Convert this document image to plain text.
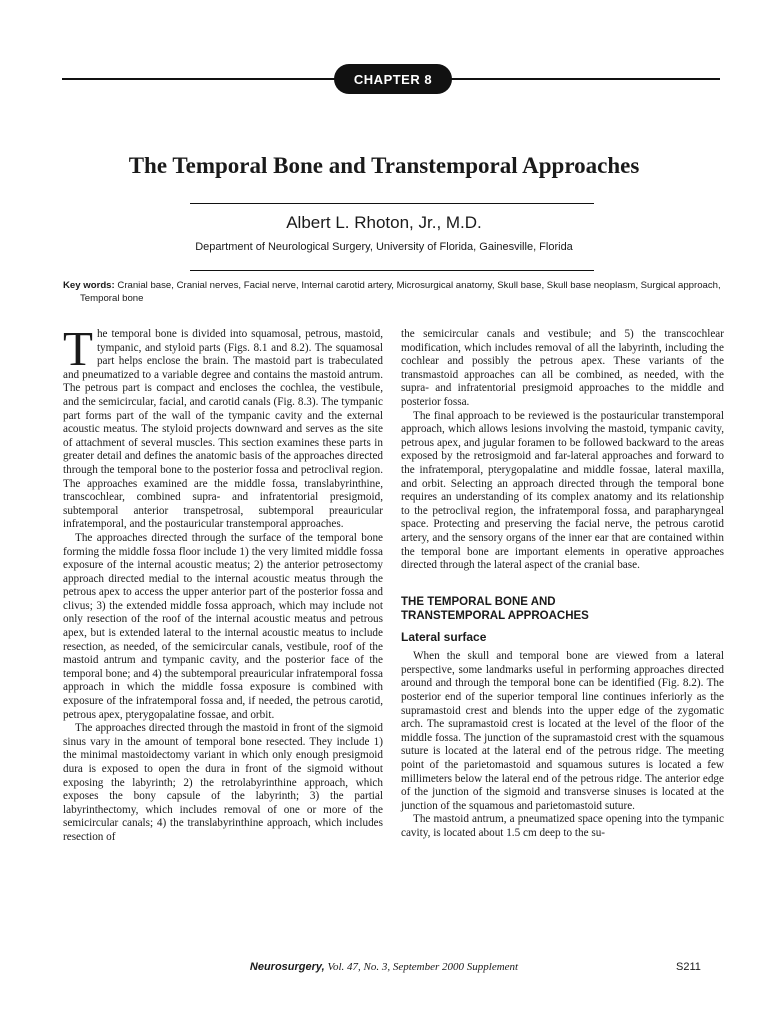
CHAPTER 8
The Temporal Bone and Transtemporal Approaches
Albert L. Rhoton, Jr., M.D.
Department of Neurological Surgery, University of Florida, Gainesville, Florida
Key words: Cranial base, Cranial nerves, Facial nerve, Internal carotid artery, Microsurgical anatomy, Skull base, Skull base neoplasm, Surgical approach, Temporal bone

The temporal bone is divided into squamosal, petrous, mastoid, tympanic, and styloid parts (Figs. 8.1 and 8.2). The squamosal part helps enclose the brain. The mastoid part is trabeculated and pneumatized to a variable degree and contains the mastoid antrum. The petrous part is compact and encloses the cochlea, the vestibule, and the semicircular, facial, and carotid canals (Fig. 8.3). The tympanic part forms part of the wall of the tympanic cavity and the external acoustic meatus. The styloid projects downward and serves as the site of attachment of several muscles. This section examines these parts in greater detail and defines the anatomic basis of the approaches directed through the temporal bone to the posterior fossa and petroclival region. The approaches examined are the middle fossa, translabyrinthine, transcochlear, combined supra- and infratentorial presigmoid, subtemporal anterior transpetrosal, subtemporal preauricular infratemporal, and the postauricular transtemporal approaches.

The approaches directed through the surface of the temporal bone forming the middle fossa floor include 1) the very limited middle fossa exposure of the internal acoustic meatus; 2) the anterior petrosectomy approach directed medial to the internal acoustic meatus through the petrous apex to access the upper anterior part of the posterior fossa and clivus; 3) the extended middle fossa approach, which may include not only resection of the roof of the internal acoustic meatus and petrous apex, but is extended lateral to the internal acoustic meatus to include resection, as needed, of the semicircular canals, vestibule, roof of the mastoid antrum and tympanic cavity, and the posterior face of the temporal bone; and 4) the subtemporal preauricular infratemporal fossa approach in which the middle fossa exposure is combined with exposure of the infratemporal fossa and, if needed, the petrous carotid, petrous apex, pterygopalatine fossae, and orbit.

The approaches directed through the mastoid in front of the sigmoid sinus vary in the amount of temporal bone resected. They include 1) the minimal mastoidectomy variant in which only enough presigmoid dura is exposed to open the dura in front of the sigmoid without exposing the labyrinth; 2) the retrolabyrinthine approach, which exposes the bony capsule of the labyrinth; 3) the partial labyrinthectomy, which includes removal of one or more of the semicircular canals; 4) the translabyrinthine approach, which includes resection of

the semicircular canals and vestibule; and 5) the transcochlear modification, which includes removal of all the labyrinth, including the cochlear and possibly the petrous apex. These variants of the transmastoid approaches can all be combined, as needed, with the supra- and infratentorial presigmoid approaches to the middle and posterior fossa.

The final approach to be reviewed is the postauricular transtemporal approach, which allows lesions involving the mastoid, tympanic cavity, petrous apex, and jugular foramen to be followed backward to the areas exposed by the retrosigmoid and far-lateral approaches and forward to the infratemporal, pterygopalatine and middle fossae, lateral maxilla, and orbit. Selecting an approach directed through the temporal bone requires an understanding of its complex anatomy and its relationship to the petroclival region, the infratemporal fossa, and parapharyngeal space. Protecting and preserving the facial nerve, the petrous carotid artery, and the sensory organs of the inner ear that are contained within the temporal bone are important elements in operative approaches directed through the lateral aspect of the cranial base.

THE TEMPORAL BONE AND
TRANSTEMPORAL APPROACHES
Lateral surface

When the skull and temporal bone are viewed from a lateral perspective, some landmarks useful in performing approaches directed around and through the temporal bone can be identified (Fig. 8.2). The posterior end of the superior temporal line continues inferiorly as the supramastoid crest and blends into the upper edge of the zygomatic arch. The supramastoid crest is located at the level of the floor of the middle fossa. The junction of the supramastoid crest with the squamous suture is located at the lateral end of the petrous ridge. The meeting point of the parietomastoid and squamous sutures is located a few millimeters below the lateral end of the petrous ridge. The anterior edge of the junction of the sigmoid and transverse sinuses is located at the junction of the squamous and parietomastoid suture.

The mastoid antrum, a pneumatized space opening into the tympanic cavity, is located about 1.5 cm deep to the su-

Neurosurgery, Vol. 47, No. 3, September 2000 Supplement	S211
